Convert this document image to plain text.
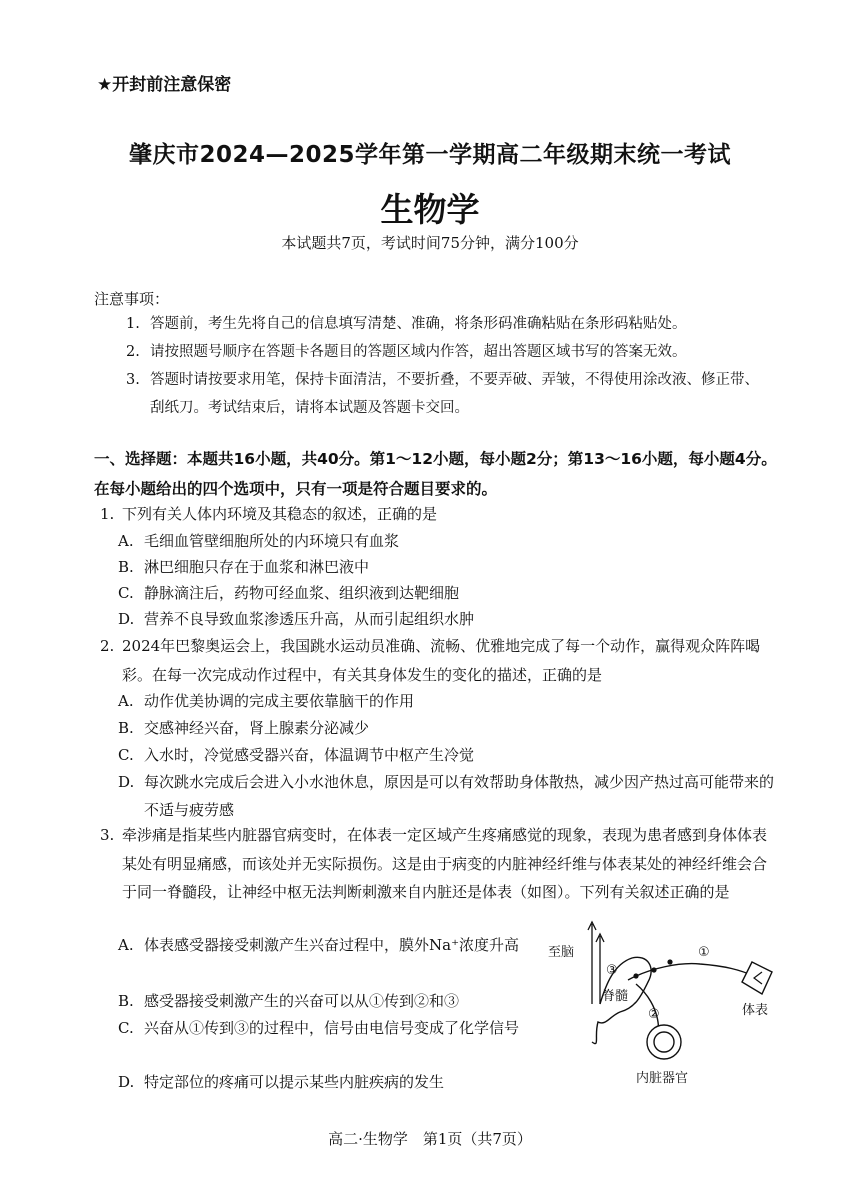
★开封前注意保密
肇庆市2024—2025学年第一学期高二年级期末统一考试
生物学
本试题共7页，考试时间75分钟，满分100分
注意事项：
1. 答题前，考生先将自己的信息填写清楚、准确，将条形码准确粘贴在条形码粘贴处。
2. 请按照题号顺序在答题卡各题目的答题区域内作答，超出答题区域书写的答案无效。
3. 答题时请按要求用笔，保持卡面清洁，不要折叠，不要弄破、弄皱，不得使用涂改液、修正带、刮纸刀。考试结束后，请将本试题及答题卡交回。
一、选择题：本题共16小题，共40分。第1～12小题，每小题2分；第13～16小题，每小题4分。在每小题给出的四个选项中，只有一项是符合题目要求的。
1. 下列有关人体内环境及其稳态的叙述，正确的是
A. 毛细血管壁细胞所处的内环境只有血浆
B. 淋巴细胞只存在于血浆和淋巴液中
C. 静脉滴注后，药物可经血浆、组织液到达靶细胞
D. 营养不良导致血浆渗透压升高，从而引起组织水肿
2. 2024年巴黎奥运会上，我国跳水运动员准确、流畅、优雅地完成了每一个动作，赢得观众阵阵喝彩。在每一次完成动作过程中，有关其身体发生的变化的描述，正确的是
A. 动作优美协调的完成主要依靠脑干的作用
B. 交感神经兴奋，肾上腺素分泌减少
C. 入水时，冷觉感受器兴奋，体温调节中枢产生冷觉
D. 每次跳水完成后会进入小水池休息，原因是可以有效帮助身体散热，减少因产热过高可能带来的不适与疲劳感
3. 牵涉痛是指某些内脏器官病变时，在体表一定区域产生疼痛感觉的现象，表现为患者感到身体体表某处有明显痛感，而该处并无实际损伤。这是由于病变的内脏神经纤维与体表某处的神经纤维会合于同一脊髓段，让神经中枢无法判断刺激来自内脏还是体表（如图）。下列有关叙述正确的是
A. 体表感受器接受刺激产生兴奋过程中，膜外Na⁺浓度升高
B. 感受器接受刺激产生的兴奋可以从①传到②和③
C. 兴奋从①传到③的过程中，信号由电信号变成了化学信号
D. 特定部位的疼痛可以提示某些内脏疾病的发生
至脑
③
脊髓
①
②	体表
内脏器官
高二·生物学　第1页（共7页）
